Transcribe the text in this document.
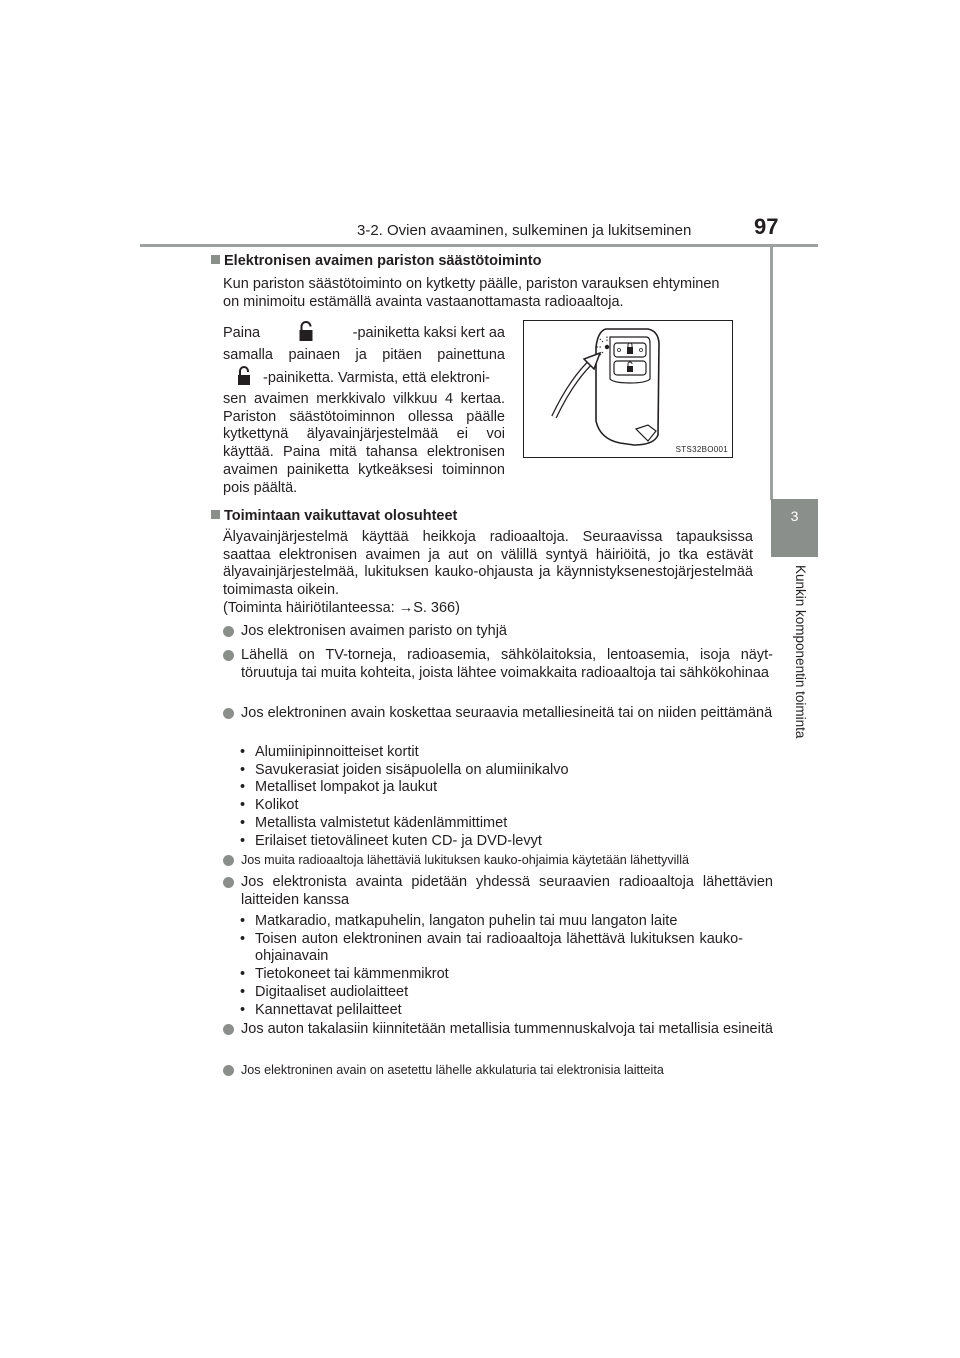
3-2. Ovien avaaminen, sulkeminen ja lukitseminen	97
3
Kunkin komponentin toiminta
Elektronisen avaimen pariston säästötoiminto
Kun pariston säästötoiminto on kytketty päälle, pariston varauksen ehtyminen
on minimoitu estämällä avainta vastaanottamasta radioaaltoja.
Paina	-painiketta kaksi kert aa
samalla painaen ja pitäen painettuna
-painiketta. Varmista, että elektroni-
sen avaimen merkkivalo vilkkuu 4 kertaa. Pariston säästötoiminnon ollessa päälle kytkettynä älyavainjärjestelmää ei voi käyttää. Paina mitä tahansa elektronisen avaimen painiketta kytkeäksesi toiminnon pois päältä.
STS32BO001
Toimintaan vaikuttavat olosuhteet
Älyavainjärjestelmä käyttää heikkoja radioaaltoja. Seuraavissa tapauksissa saattaa elektronisen avaimen ja aut on välillä syntyä häiriöitä, jo tka estävät älyavainjärjestelmää, lukituksen kauko-ohjausta ja käynnistyksenestojärjestelmää toimimasta oikein.
(Toiminta häiriötilanteessa: →S. 366)
Jos elektronisen avaimen paristo on tyhjä
Lähellä on TV-torneja, radioasemia, sähkölaitoksia, lentoasemia, isoja näyttöruutuja tai muita kohteita, joista lähtee voimakkaita radioaaltoja tai sähkökohinaa
Jos elektroninen avain koskettaa seuraavia metalliesineitä tai on niiden peittämänä
• Alumiinipinnoitteiset kortit
• Savukerasiat joiden sisäpuolella on alumiinikalvo
• Metalliset lompakot ja laukut
• Kolikot
• Metallista valmistetut kädenlämmittimet
• Erilaiset tietovälineet kuten CD- ja DVD-levyt
Jos muita radioaaltoja lähettäviä lukituksen kauko-ohjaimia käytetään lähettyvillä
Jos elektronista avainta pidetään yhdessä seuraavien radioaaltoja lähettävien laitteiden kanssa
• Matkaradio, matkapuhelin, langaton puhelin tai muu langaton laite
• Toisen auton elektroninen avain tai radioaaltoja lähettävä lukituksen kauko-ohjainavain
• Tietokoneet tai kämmenmikrot
• Digitaaliset audiolaitteet
• Kannettavat pelilaitteet
Jos auton takalasiin kiinnitetään metallisia tummennuskalvoja tai metallisia esineitä
Jos elektroninen avain on asetettu lähelle akkulaturia tai elektronisia laitteita
